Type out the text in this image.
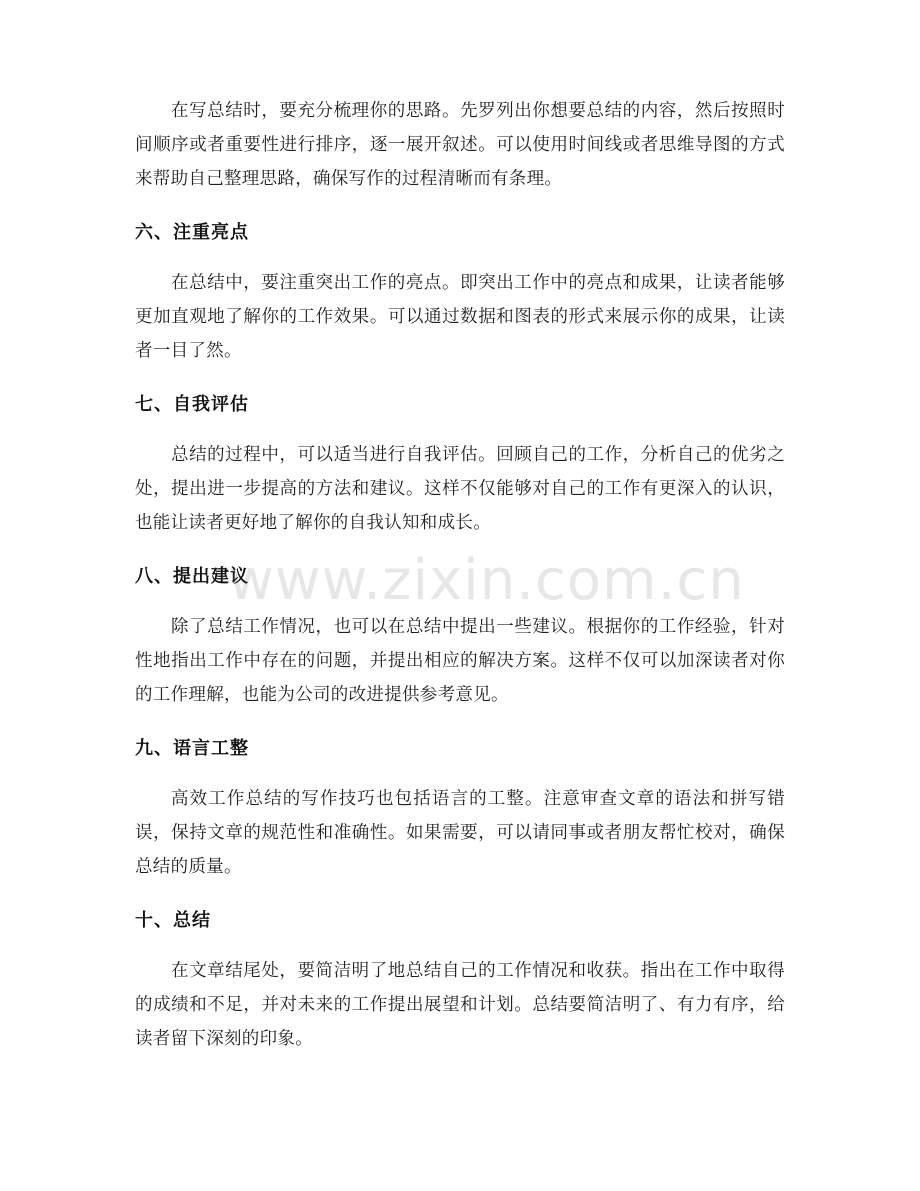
在写总结时，要充分梳理你的思路。先罗列出你想要总结的内容，然后按照时间顺序或者重要性进行排序，逐一展开叙述。可以使用时间线或者思维导图的方式来帮助自己整理思路，确保写作的过程清晰而有条理。

六、注重亮点

在总结中，要注重突出工作的亮点。即突出工作中的亮点和成果，让读者能够更加直观地了解你的工作效果。可以通过数据和图表的形式来展示你的成果，让读者一目了然。

七、自我评估

总结的过程中，可以适当进行自我评估。回顾自己的工作，分析自己的优劣之处，提出进一步提高的方法和建议。这样不仅能够对自己的工作有更深入的认识，也能让读者更好地了解你的自我认知和成长。

八、提出建议

除了总结工作情况，也可以在总结中提出一些建议。根据你的工作经验，针对性地指出工作中存在的问题，并提出相应的解决方案。这样不仅可以加深读者对你的工作理解，也能为公司的改进提供参考意见。

九、语言工整

高效工作总结的写作技巧也包括语言的工整。注意审查文章的语法和拼写错误，保持文章的规范性和准确性。如果需要，可以请同事或者朋友帮忙校对，确保总结的质量。

十、总结

在文章结尾处，要简洁明了地总结自己的工作情况和收获。指出在工作中取得的成绩和不足，并对未来的工作提出展望和计划。总结要简洁明了、有力有序，给读者留下深刻的印象。

www.zixin.com.cn
